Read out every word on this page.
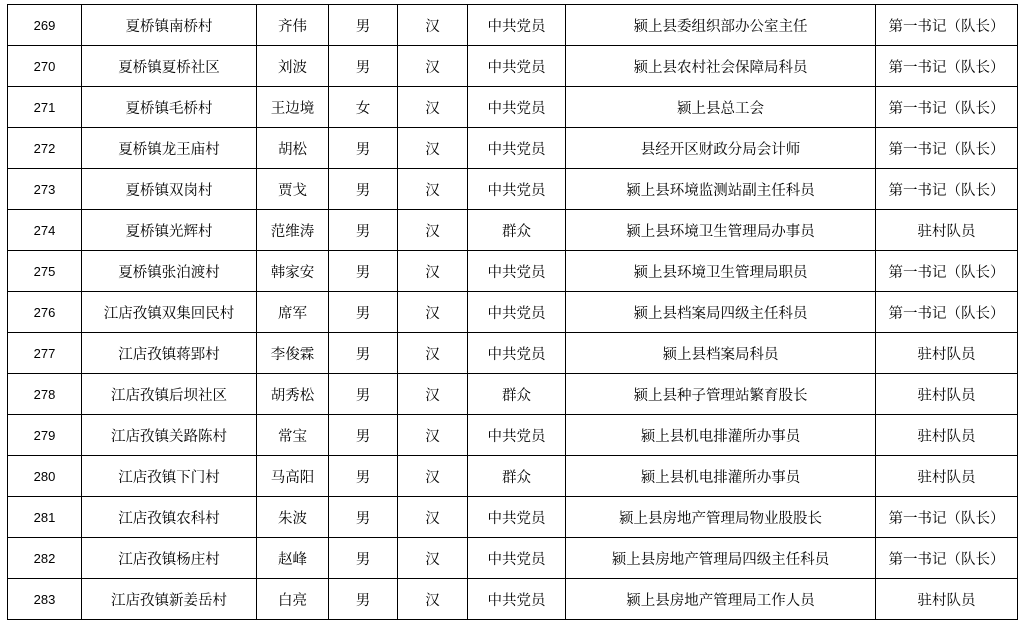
269	夏桥镇南桥村	齐伟	男	汉	中共党员	颍上县委组织部办公室主任	第一书记（队长）
270	夏桥镇夏桥社区	刘波	男	汉	中共党员	颍上县农村社会保障局科员	第一书记（队长）
271	夏桥镇毛桥村	王边境	女	汉	中共党员	颍上县总工会	第一书记（队长）
272	夏桥镇龙王庙村	胡松	男	汉	中共党员	县经开区财政分局会计师	第一书记（队长）
273	夏桥镇双岗村	贾戈	男	汉	中共党员	颍上县环境监测站副主任科员	第一书记（队长）
274	夏桥镇光辉村	范维涛	男	汉	群众	颍上县环境卫生管理局办事员	驻村队员
275	夏桥镇张泊渡村	韩家安	男	汉	中共党员	颍上县环境卫生管理局职员	第一书记（队长）
276	江店孜镇双集回民村	席军	男	汉	中共党员	颍上县档案局四级主任科员	第一书记（队长）
277	江店孜镇蒋郢村	李俊霖	男	汉	中共党员	颍上县档案局科员	驻村队员
278	江店孜镇后坝社区	胡秀松	男	汉	群众	颍上县种子管理站繁育股长	驻村队员
279	江店孜镇关路陈村	常宝	男	汉	中共党员	颍上县机电排灌所办事员	驻村队员
280	江店孜镇下门村	马高阳	男	汉	群众	颍上县机电排灌所办事员	驻村队员
281	江店孜镇农科村	朱波	男	汉	中共党员	颍上县房地产管理局物业股股长	第一书记（队长）
282	江店孜镇杨庄村	赵峰	男	汉	中共党员	颍上县房地产管理局四级主任科员	第一书记（队长）
283	江店孜镇新姜岳村	白亮	男	汉	中共党员	颍上县房地产管理局工作人员	驻村队员
